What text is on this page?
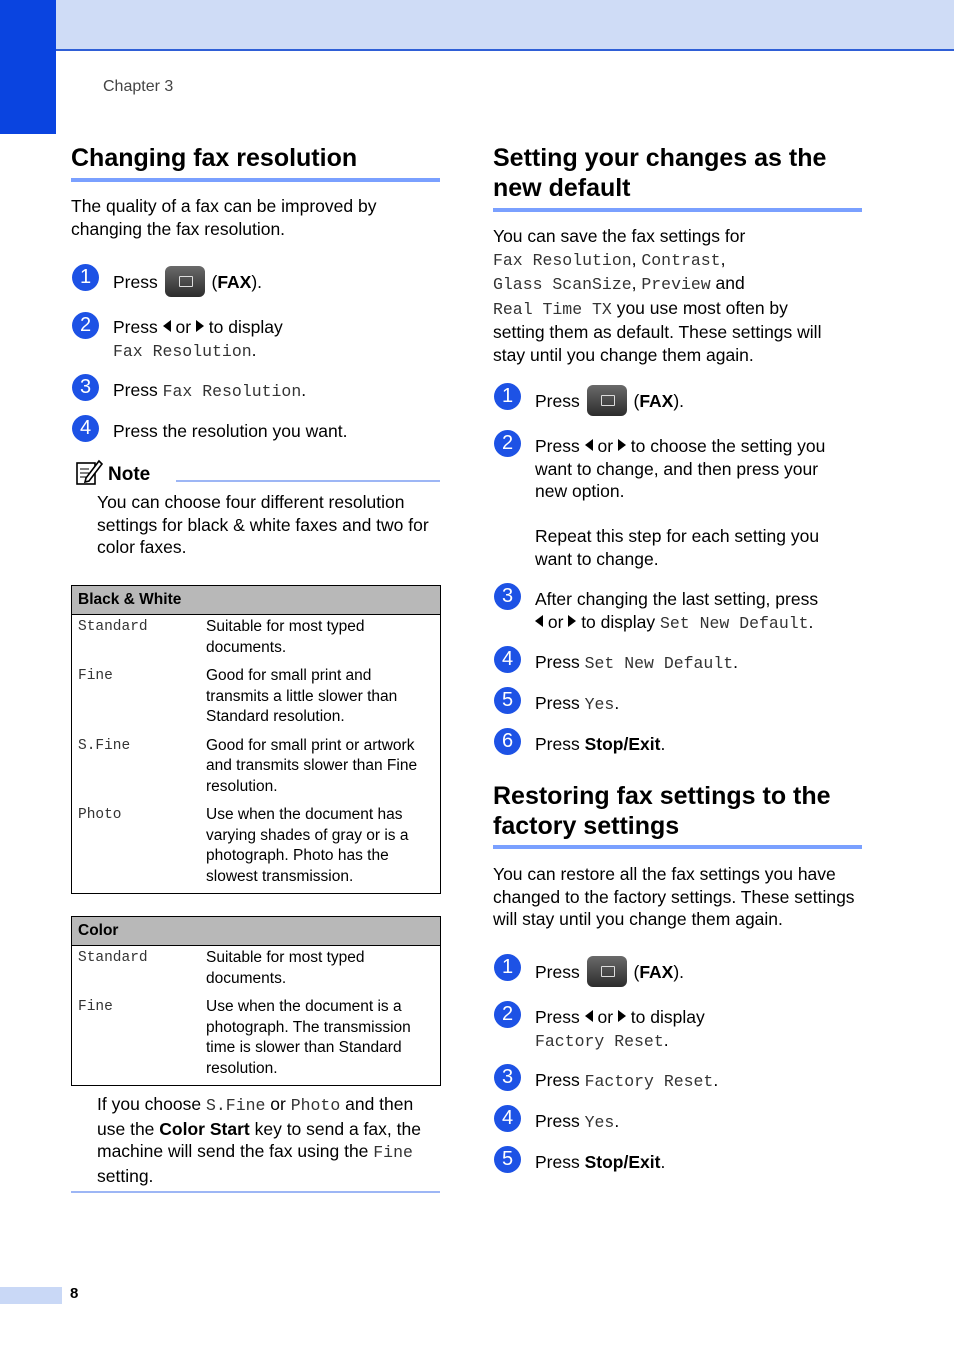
Chapter 3
Changing fax resolution

The quality of a fax can be improved by changing the fax resolution.

1	Press	(FAX).
2	Press or to display
Fax Resolution.
3	Press Fax Resolution.
4	Press the resolution you want.
Note

You can choose four different resolution settings for black & white faxes and two for color faxes.

Black & White	
Standard	Suitable for most typed documents.
Fine	Good for small print and transmits a little slower than Standard resolution.
S.Fine	Good for small print or artwork and transmits slower than Fine resolution.
Photo	Use when the document has varying shades of gray or is a photograph. Photo has the slowest transmission.
Color	
Standard	Suitable for most typed documents.
Fine	Use when the document is a photograph. The transmission time is slower than Standard resolution.
If you choose S.Fine or Photo and then use the Color Start key to send a fax, the machine will send the fax using the Fine setting.
Setting your changes as the
new default
You can save the fax settings for
Fax Resolution, Contrast,
Glass ScanSize, Preview and
Real Time TX you use most often by
setting them as default. These settings will
stay until you change them again.
1	Press	(FAX).
2	Press or to choose the setting you
want to change, and then press your
new option.

Repeat this step for each setting you
want to change.
3	After changing the last setting, press
or to display Set New Default.
4	Press Set New Default.
5	Press Yes.
6	Press Stop/Exit.
Restoring fax settings to the
factory settings

You can restore all the fax settings you have changed to the factory settings. These settings will stay until you change them again.

1	Press	(FAX).
2	Press or to display
Factory Reset.
3	Press Factory Reset.
4	Press Yes.
5	Press Stop/Exit.
8
